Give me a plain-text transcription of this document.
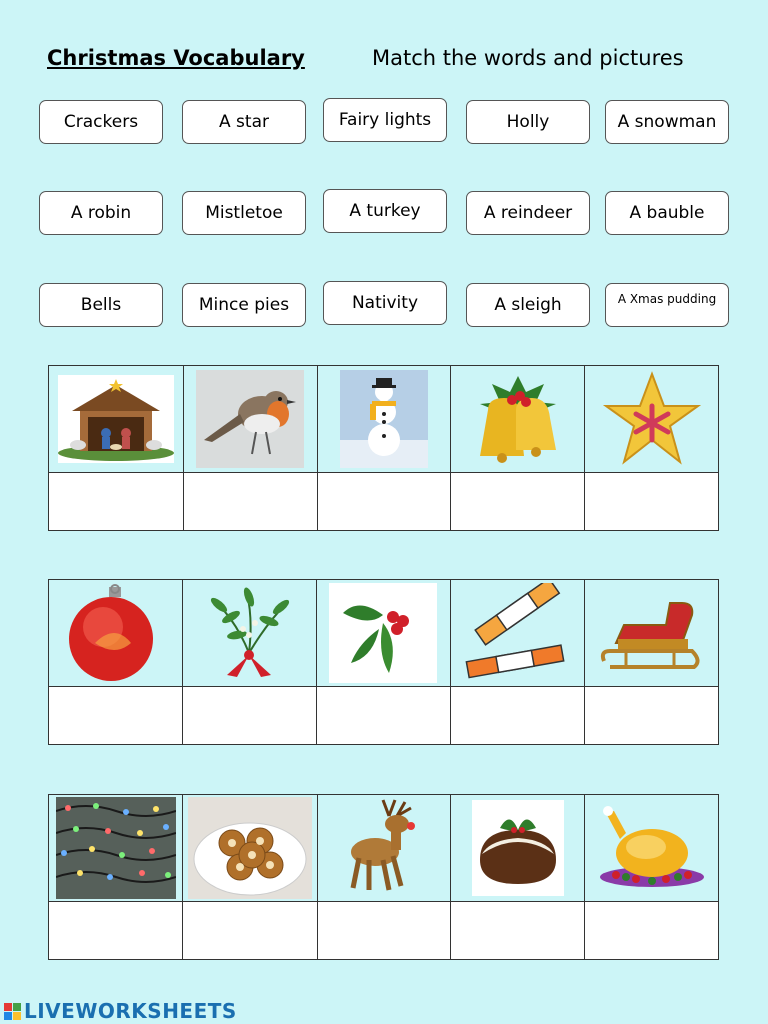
Christmas Vocabulary	Match the words and pictures
Crackers	A star	Fairy lights	Holly	A snowman
A robin	Mistletoe	A turkey	A reindeer	A bauble
Bells	Mince pies	Nativity	A sleigh	A Xmas pudding

LIVEWORKSHEETS
